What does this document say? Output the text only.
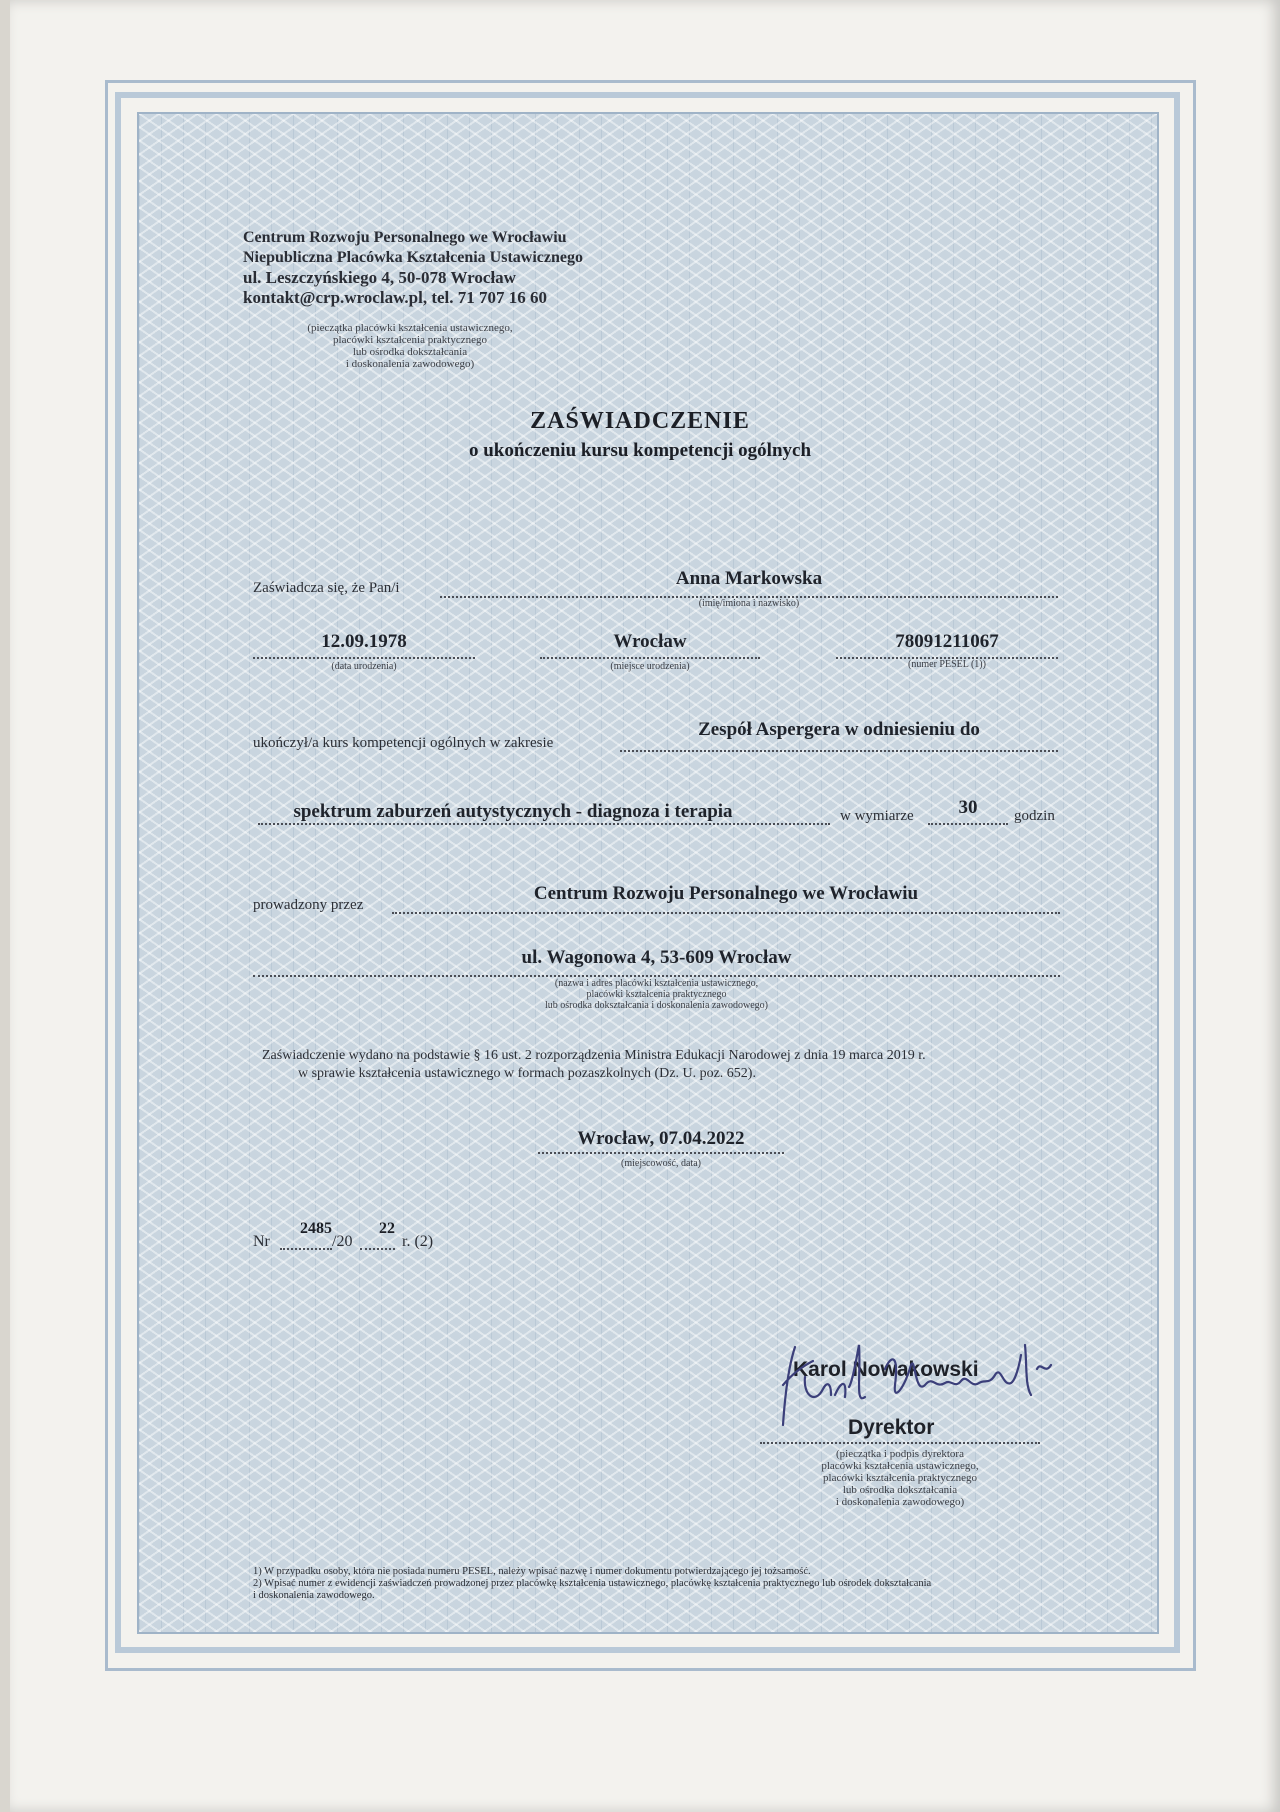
Centrum Rozwoju Personalnego we Wrocławiu
Niepubliczna Placówka Kształcenia Ustawicznego
ul. Leszczyńskiego 4, 50-078 Wrocław
kontakt@crp.wroclaw.pl, tel. 71 707 16 60
(pieczątka placówki kształcenia ustawicznego,
placówki kształcenia praktycznego
lub ośrodka dokształcania
i doskonalenia zawodowego)
ZAŚWIADCZENIE
o ukończeniu kursu kompetencji ogólnych
Zaświadcza się, że Pan/i	Anna Markowska
(imię/imiona i nazwisko)
12.09.1978
(data urodzenia)
Wrocław
(miejsce urodzenia)
78091211067
(numer PESEL (1))
ukończył/a kurs kompetencji ogólnych w zakresie
Zespół Aspergera w odniesieniu do
spektrum zaburzeń autystycznych - diagnoza i terapia	w wymiarze	30	godzin
prowadzony przez
Centrum Rozwoju Personalnego we Wrocławiu
ul. Wagonowa 4, 53-609 Wrocław
(nazwa i adres placówki kształcenia ustawicznego,
placówki kształcenia praktycznego
lub ośrodka dokształcania i doskonalenia zawodowego)
Zaświadczenie wydano na podstawie § 16 ust. 2 rozporządzenia Ministra Edukacji Narodowej z dnia 19 marca 2019 r.
w sprawie kształcenia ustawicznego w formach pozaszkolnych (Dz. U. poz. 652).
Wrocław, 07.04.2022
(miejscowość, data)
Nr
2485
/20
22
r. (2)
Karol Nowakowski
Dyrektor
(pieczątka i podpis dyrektora
placówki kształcenia ustawicznego,
placówki kształcenia praktycznego
lub ośrodka dokształcania
i doskonalenia zawodowego)
1) W przypadku osoby, która nie posiada numeru PESEL, należy wpisać nazwę i numer dokumentu potwierdzającego jej tożsamość.
2) Wpisać numer z ewidencji zaświadczeń prowadzonej przez placówkę kształcenia ustawicznego, placówkę kształcenia praktycznego lub ośrodek dokształcania
i doskonalenia zawodowego.
